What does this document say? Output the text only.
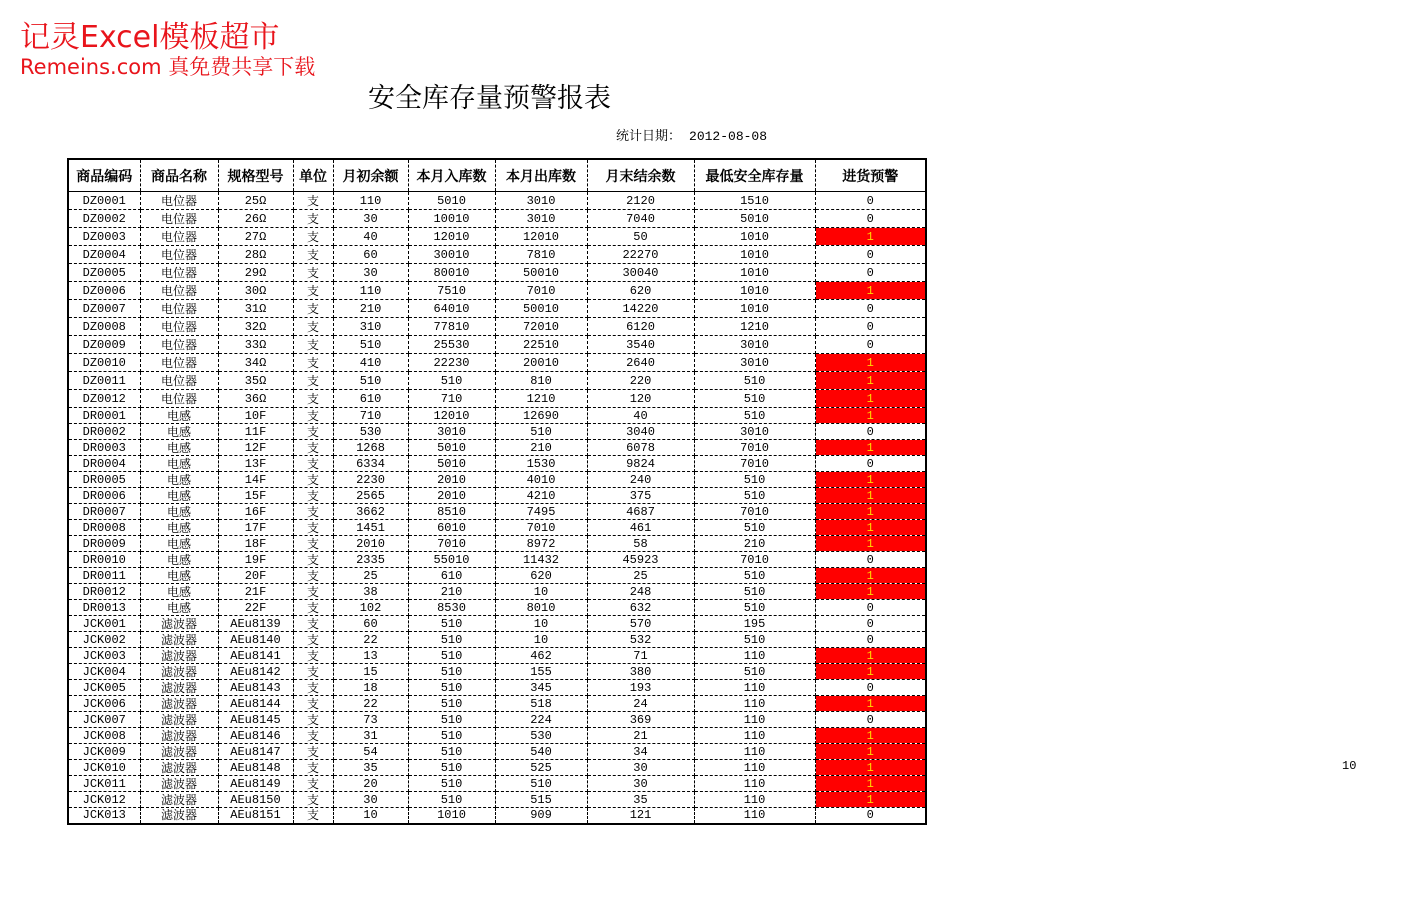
记灵Excel模板超市
Remeins.com 真免费共享下载
安全库存量预警报表
统计日期： 2012-08-08
商品编码	商品名称	规格型号	单位	月初余额	本月入库数	本月出库数	月末结余数	最低安全库存量	进货预警
DZ0001	电位器	25Ω	支	110	5010	3010	2120	1510	0
DZ0002	电位器	26Ω	支	30	10010	3010	7040	5010	0
DZ0003	电位器	27Ω	支	40	12010	12010	50	1010	1
DZ0004	电位器	28Ω	支	60	30010	7810	22270	1010	0
DZ0005	电位器	29Ω	支	30	80010	50010	30040	1010	0
DZ0006	电位器	30Ω	支	110	7510	7010	620	1010	1
DZ0007	电位器	31Ω	支	210	64010	50010	14220	1010	0
DZ0008	电位器	32Ω	支	310	77810	72010	6120	1210	0
DZ0009	电位器	33Ω	支	510	25530	22510	3540	3010	0
DZ0010	电位器	34Ω	支	410	22230	20010	2640	3010	1
DZ0011	电位器	35Ω	支	510	510	810	220	510	1
DZ0012	电位器	36Ω	支	610	710	1210	120	510	1
DR0001	电感	10F	支	710	12010	12690	40	510	1
DR0002	电感	11F	支	530	3010	510	3040	3010	0
DR0003	电感	12F	支	1268	5010	210	6078	7010	1
DR0004	电感	13F	支	6334	5010	1530	9824	7010	0
DR0005	电感	14F	支	2230	2010	4010	240	510	1
DR0006	电感	15F	支	2565	2010	4210	375	510	1
DR0007	电感	16F	支	3662	8510	7495	4687	7010	1
DR0008	电感	17F	支	1451	6010	7010	461	510	1
DR0009	电感	18F	支	2010	7010	8972	58	210	1
DR0010	电感	19F	支	2335	55010	11432	45923	7010	0
DR0011	电感	20F	支	25	610	620	25	510	1
DR0012	电感	21F	支	38	210	10	248	510	1
DR0013	电感	22F	支	102	8530	8010	632	510	0
JCK001	滤波器	AEu8139	支	60	510	10	570	195	0
JCK002	滤波器	AEu8140	支	22	510	10	532	510	0
JCK003	滤波器	AEu8141	支	13	510	462	71	110	1
JCK004	滤波器	AEu8142	支	15	510	155	380	510	1
JCK005	滤波器	AEu8143	支	18	510	345	193	110	0
JCK006	滤波器	AEu8144	支	22	510	518	24	110	1
JCK007	滤波器	AEu8145	支	73	510	224	369	110	0
JCK008	滤波器	AEu8146	支	31	510	530	21	110	1
JCK009	滤波器	AEu8147	支	54	510	540	34	110	1
JCK010	滤波器	AEu8148	支	35	510	525	30	110	1
JCK011	滤波器	AEu8149	支	20	510	510	30	110	1
JCK012	滤波器	AEu8150	支	30	510	515	35	110	1
JCK013	滤波器	AEu8151	支	10	1010	909	121	110	0
10
